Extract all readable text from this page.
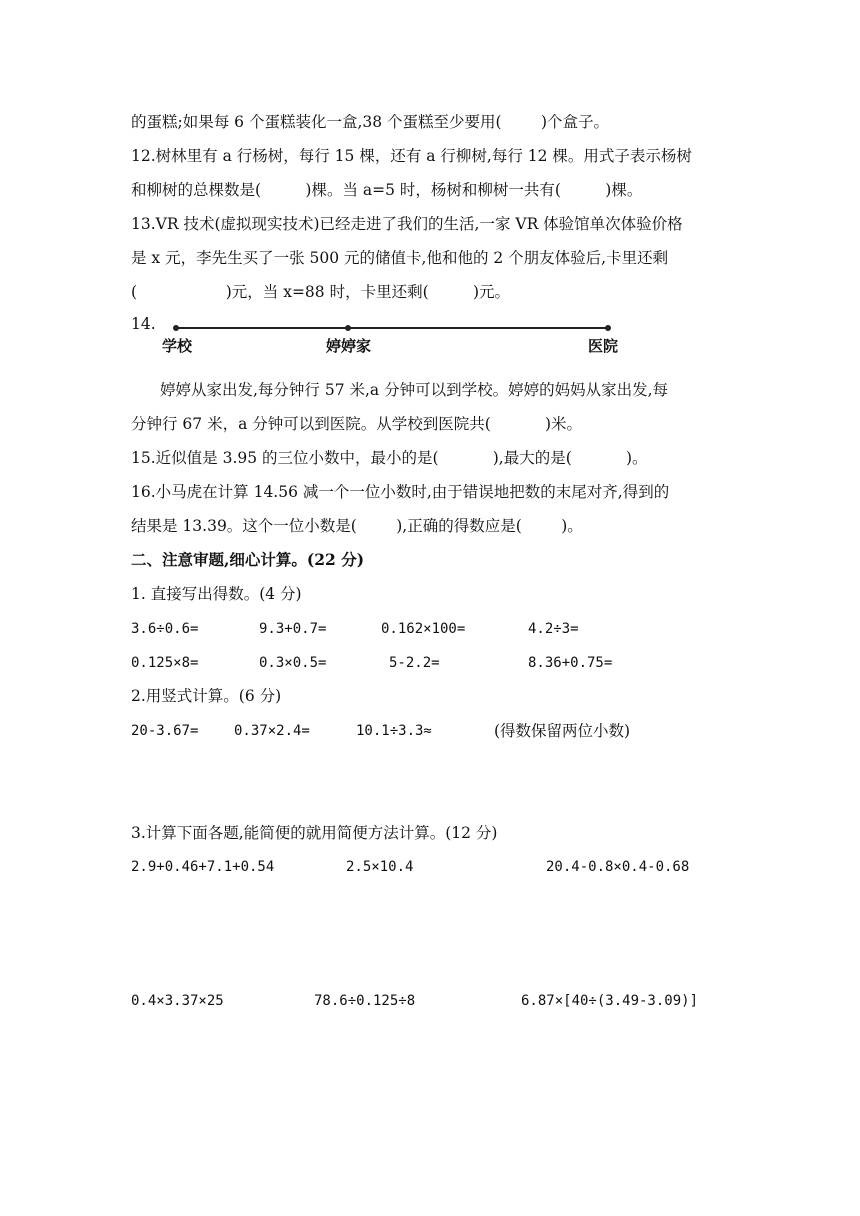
的蛋糕;如果每 6 个蛋糕装化一盒,38 个蛋糕至少要用(        )个盒子。
12.树林里有 a 行杨树，每行 15 棵，还有 a 行柳树,每行 12 棵。用式子表示杨树
和柳树的总棵数是(         )棵。当 a=5 时，杨树和柳树一共有(         )棵。
13.VR 技术(虚拟现实技术)已经走进了我们的生活,一家 VR 体验馆单次体验价格
是 x 元，李先生买了一张 500 元的储值卡,他和他的 2 个朋友体验后,卡里还剩
(                  )元，当 x=88 时，卡里还剩(         )元。
14.
学校	婷婷家	医院
婷婷从家出发,每分钟行 57 米,a 分钟可以到学校。婷婷的妈妈从家出发,每
分钟行 67 米，a 分钟可以到医院。从学校到医院共(           )米。
15.近似值是 3.95 的三位小数中，最小的是(           ),最大的是(           )。
16.小马虎在计算 14.56 减一个一位小数时,由于错误地把数的末尾对齐,得到的
结果是 13.39。这个一位小数是(        ),正确的得数应是(        )。
二、注意审题,细心计算。(22 分)
1. 直接写出得数。(4 分)
3.6÷0.6=	9.3+0.7=	0.162×100=	4.2÷3=
0.125×8=	0.3×0.5=	5-2.2=	8.36+0.75=
2.用竖式计算。(6 分)
20-3.67=	0.37×2.4=	10.1÷3.3≈	(得数保留两位小数)
3.计算下面各题,能简便的就用简便方法计算。(12 分)
2.9+0.46+7.1+0.54	2.5×10.4	20.4-0.8×0.4-0.68
0.4×3.37×25	78.6÷0.125÷8	6.87×[40÷(3.49-3.09)]
